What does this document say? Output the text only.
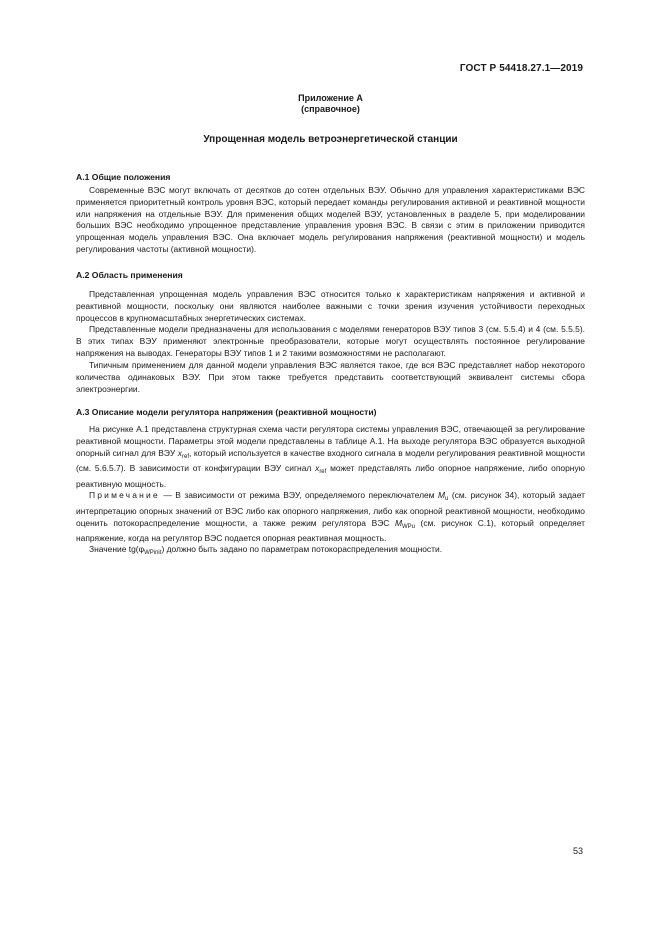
ГОСТ Р 54418.27.1—2019
Приложение А
(справочное)
Упрощенная модель ветроэнергетической станции
А.1 Общие положения

Современные ВЭС могут включать от десятков до сотен отдельных ВЭУ. Обычно для управления характеристиками ВЭС применяется приоритетный контроль уровня ВЭС, который передает команды регулирования активной и реактивной мощности или напряжения на отдельные ВЭУ. Для применения общих моделей ВЭУ, установленных в разделе 5, при моделировании больших ВЭС необходимо упрощенное представление управления уровня ВЭС. В связи с этим в приложении приводится упрощенная модель управления ВЭС. Она включает модель регулирования напряжения (реактивной мощности) и модель регулирования частоты (активной мощности).

А.2 Область применения

Представленная упрощенная модель управления ВЭС относится только к характеристикам напряжения и активной и реактивной мощности, поскольку они являются наиболее важными с точки зрения изучения устойчивости переходных процессов в крупномасштабных энергетических системах.

Представленные модели предназначены для использования с моделями генераторов ВЭУ типов 3 (см. 5.5.4) и 4 (см. 5.5.5). В этих типах ВЭУ применяют электронные преобразователи, которые могут осуществлять постоянное регулирование напряжения на выводах. Генераторы ВЭУ типов 1 и 2 такими возможностями не располагают.

Типичным применением для данной модели управления ВЭС является такое, где вся ВЭС представляет набор некоторого количества одинаковых ВЭУ. При этом также требуется представить соответствующий эквивалент системы сбора электроэнергии.

А.3 Описание модели регулятора напряжения (реактивной мощности)

На рисунке А.1 представлена структурная схема части регулятора системы управления ВЭС, отвечающей за регулирование реактивной мощности. Параметры этой модели представлены в таблице А.1. На выходе регулятора ВЭС образуется выходной опорный сигнал для ВЭУ $x_{ref}$, который используется в качестве входного сигнала в модели регулирования реактивной мощности (см. 5.6.5.7). В зависимости от конфигурации ВЭУ сигнал $x_{ref}$ может представлять либо опорное напряжение, либо опорную реактивную мощность.

Примечание — В зависимости от режима ВЭУ, определяемого переключателем $M_u$ (см. рисунок 34), который задает интерпретацию опорных значений от ВЭС либо как опорного напряжения, либо как опорной реактивной мощности, необходимо оценить потокораспределение мощности, а также режим регулятора ВЭС $M_{WPu}$ (см. рисунок С.1), который определяет напряжение, когда на регулятор ВЭС подается опорная реактивная мощность.

Значение $tg(\varphi_{WPinit})$ должно быть задано по параметрам потокораспределения мощности.

53
